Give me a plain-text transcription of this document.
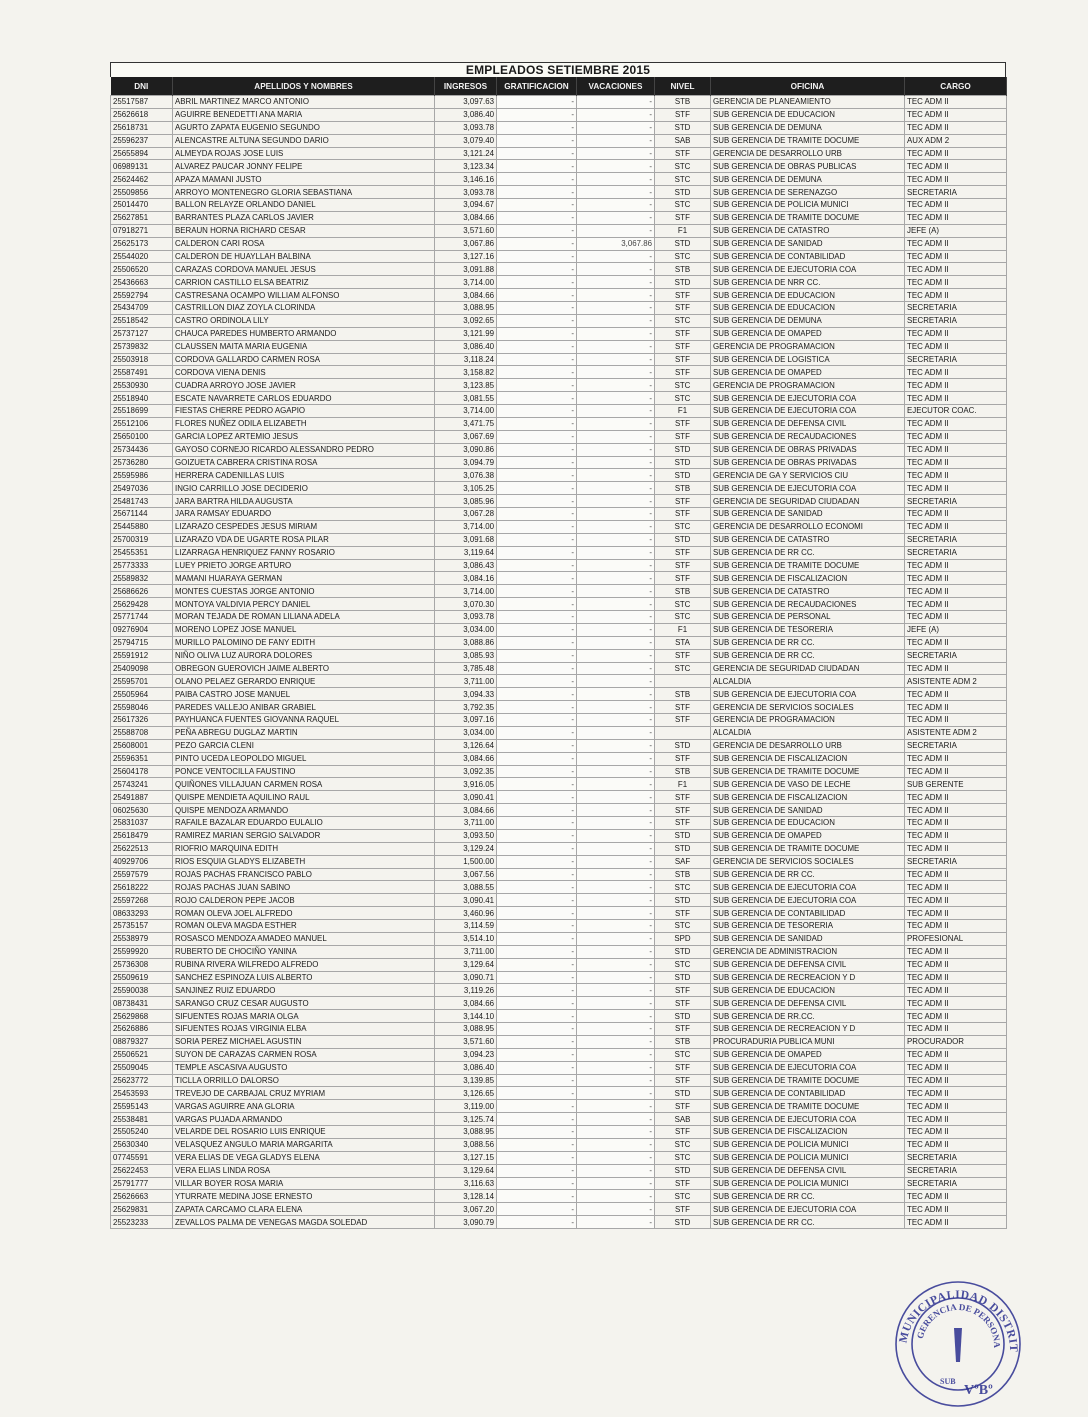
EMPLEADOS SETIEMBRE 2015
DNI	APELLIDOS Y NOMBRES	INGRESOS	GRATIFICACION	VACACIONES	NIVEL	OFICINA	CARGO
25517587	ABRIL MARTINEZ MARCO ANTONIO	3,097.63	-	-	STB	GERENCIA DE PLANEAMIENTO	TEC ADM II
25626618	AGUIRRE BENEDETTI ANA MARIA	3,086.40	-	-	STF	SUB GERENCIA DE EDUCACION	TEC ADM II
25618731	AGURTO ZAPATA EUGENIO SEGUNDO	3,093.78	-	-	STD	SUB GERENCIA DE DEMUNA	TEC ADM II
25596237	ALENCASTRE ALTUNA SEGUNDO DARIO	3,079.40	-	-	SAB	SUB GERENCIA DE TRAMITE DOCUME	AUX ADM 2
25655894	ALMEYDA ROJAS JOSE LUIS	3,121.24	-	-	STF	GERENCIA DE DESARROLLO URB	TEC ADM II
06989131	ALVAREZ PAUCAR JONNY FELIPE	3,123.34	-	-	STC	SUB GERENCIA DE OBRAS PUBLICAS	TEC ADM II
25624462	APAZA MAMANI JUSTO	3,146.16	-	-	STC	SUB GERENCIA DE DEMUNA	TEC ADM II
25509856	ARROYO MONTENEGRO GLORIA SEBASTIANA	3,093.78	-	-	STD	SUB GERENCIA DE SERENAZGO	SECRETARIA
25014470	BALLON RELAYZE ORLANDO DANIEL	3,094.67	-	-	STC	SUB GERENCIA DE POLICIA MUNICI	TEC ADM II
25627851	BARRANTES PLAZA CARLOS JAVIER	3,084.66	-	-	STF	SUB GERENCIA DE TRAMITE DOCUME	TEC ADM II
07918271	BERAUN HORNA RICHARD CESAR	3,571.60	-	-	F1	SUB GERENCIA DE CATASTRO	JEFE (A)
25625173	CALDERON CARI ROSA	3,067.86	-	3,067.86	STD	SUB GERENCIA DE SANIDAD	TEC ADM II
25544020	CALDERON DE HUAYLLAH BALBINA	3,127.16	-	-	STC	SUB GERENCIA DE CONTABILIDAD	TEC ADM II
25506520	CARAZAS CORDOVA MANUEL JESUS	3,091.88	-	-	STB	SUB GERENCIA DE EJECUTORIA COA	TEC ADM II
25436663	CARRION CASTILLO ELSA BEATRIZ	3,714.00	-	-	STD	SUB GERENCIA DE NRR CC.	TEC ADM II
25592794	CASTRESANA OCAMPO WILLIAM ALFONSO	3,084.66	-	-	STF	SUB GERENCIA DE EDUCACION	TEC ADM II
25434709	CASTRILLON DIAZ ZOYLA CLORINDA	3,088.95	-	-	STF	SUB GERENCIA DE EDUCACION	SECRETARIA
25518542	CASTRO ORDINOLA LILY	3,092.65	-	-	STC	SUB GERENCIA DE DEMUNA	SECRETARIA
25737127	CHAUCA PAREDES HUMBERTO ARMANDO	3,121.99	-	-	STF	SUB GERENCIA DE OMAPED	TEC ADM II
25739832	CLAUSSEN MAITA MARIA EUGENIA	3,086.40	-	-	STF	GERENCIA DE PROGRAMACION	TEC ADM II
25503918	CORDOVA GALLARDO CARMEN ROSA	3,118.24	-	-	STF	SUB GERENCIA DE LOGISTICA	SECRETARIA
25587491	CORDOVA VIENA DENIS	3,158.82	-	-	STF	SUB GERENCIA DE OMAPED	TEC ADM II
25530930	CUADRA ARROYO JOSE JAVIER	3,123.85	-	-	STC	GERENCIA DE PROGRAMACION	TEC ADM II
25518940	ESCATE NAVARRETE CARLOS EDUARDO	3,081.55	-	-	STC	SUB GERENCIA DE EJECUTORIA COA	TEC ADM II
25518699	FIESTAS CHERRE PEDRO AGAPIO	3,714.00	-	-	F1	SUB GERENCIA DE EJECUTORIA COA	EJECUTOR COAC.
25512106	FLORES NUÑEZ ODILA ELIZABETH	3,471.75	-	-	STF	SUB GERENCIA DE DEFENSA CIVIL	TEC ADM II
25650100	GARCIA LOPEZ ARTEMIO JESUS	3,067.69	-	-	STF	SUB GERENCIA DE RECAUDACIONES	TEC ADM II
25734436	GAYOSO CORNEJO RICARDO ALESSANDRO PEDRO	3,090.86	-	-	STD	SUB GERENCIA DE OBRAS PRIVADAS	TEC ADM II
25736280	GOIZUETA CABRERA CRISTINA ROSA	3,094.79	-	-	STD	SUB GERENCIA DE OBRAS PRIVADAS	TEC ADM II
25595986	HERRERA CADENILLAS LUIS	3,076.38	-	-	STD	GERENCIA DE GA Y SERVICIOS CIU	TEC ADM II
25497036	INGIO CARRILLO JOSE DECIDERIO	3,105.25	-	-	STB	SUB GERENCIA DE EJECUTORIA COA	TEC ADM II
25481743	JARA BARTRA HILDA AUGUSTA	3,085.96	-	-	STF	GERENCIA DE SEGURIDAD CIUDADAN	SECRETARIA
25671144	JARA RAMSAY EDUARDO	3,067.28	-	-	STF	SUB GERENCIA DE SANIDAD	TEC ADM II
25445880	LIZARAZO CESPEDES JESUS MIRIAM	3,714.00	-	-	STC	GERENCIA DE DESARROLLO ECONOMI	TEC ADM II
25700319	LIZARAZO VDA DE UGARTE ROSA PILAR	3,091.68	-	-	STD	SUB GERENCIA DE CATASTRO	SECRETARIA
25455351	LIZARRAGA HENRIQUEZ FANNY ROSARIO	3,119.64	-	-	STF	SUB GERENCIA DE RR CC.	SECRETARIA
25773333	LUEY PRIETO JORGE ARTURO	3,086.43	-	-	STF	SUB GERENCIA DE TRAMITE DOCUME	TEC ADM II
25589832	MAMANI HUARAYA GERMAN	3,084.16	-	-	STF	SUB GERENCIA DE FISCALIZACION	TEC ADM II
25686626	MONTES CUESTAS JORGE ANTONIO	3,714.00	-	-	STB	SUB GERENCIA DE CATASTRO	TEC ADM II
25629428	MONTOYA VALDIVIA PERCY DANIEL	3,070.30	-	-	STC	SUB GERENCIA DE RECAUDACIONES	TEC ADM II
25771744	MORAN TEJADA DE ROMAN LILIANA ADELA	3,093.78	-	-	STC	SUB GERENCIA DE PERSONAL	TEC ADM II
09276904	MORENO LOPEZ JOSE MANUEL	3,034.00	-	-	F1	SUB GERENCIA DE TESORERIA	JEFE (A)
25794715	MURILLO PALOMINO DE FANY EDITH	3,088.86	-	-	STA	SUB GERENCIA DE RR CC.	TEC ADM II
25591912	NIÑO OLIVA LUZ AURORA DOLORES	3,085.93	-	-	STF	SUB GERENCIA DE RR CC.	SECRETARIA
25409098	OBREGON GUEROVICH JAIME ALBERTO	3,785.48	-	-	STC	GERENCIA DE SEGURIDAD CIUDADAN	TEC ADM II
25595701	OLANO PELAEZ GERARDO ENRIQUE	3,711.00	-	-		ALCALDIA	ASISTENTE ADM 2
25505964	PAIBA CASTRO JOSE MANUEL	3,094.33	-	-	STB	SUB GERENCIA DE EJECUTORIA COA	TEC ADM II
25598046	PAREDES VALLEJO ANIBAR GRABIEL	3,792.35	-	-	STF	GERENCIA DE SERVICIOS SOCIALES	TEC ADM II
25617326	PAYHUANCA FUENTES GIOVANNA RAQUEL	3,097.16	-	-	STF	GERENCIA DE PROGRAMACION	TEC ADM II
25588708	PEÑA ABREGU DUGLAZ MARTIN	3,034.00	-	-		ALCALDIA	ASISTENTE ADM 2
25608001	PEZO GARCIA CLENI	3,126.64	-	-	STD	GERENCIA DE DESARROLLO URB	SECRETARIA
25596351	PINTO UCEDA LEOPOLDO MIGUEL	3,084.66	-	-	STF	SUB GERENCIA DE FISCALIZACION	TEC ADM II
25604178	PONCE VENTOCILLA FAUSTINO	3,092.35	-	-	STB	SUB GERENCIA DE TRAMITE DOCUME	TEC ADM II
25743241	QUIÑONES VILLAJUAN CARMEN ROSA	3,916.05	-	-	F1	SUB GERENCIA DE VASO DE LECHE	SUB GERENTE
25491887	QUISPE MENDIETA AQUILINO RAUL	3,090.41	-	-	STF	SUB GERENCIA DE FISCALIZACION	TEC ADM II
06025630	QUISPE MENDOZA ARMANDO	3,084.66	-	-	STF	SUB GERENCIA DE SANIDAD	TEC ADM II
25831037	RAFAILE BAZALAR EDUARDO EULALIO	3,711.00	-	-	STF	SUB GERENCIA DE EDUCACION	TEC ADM II
25618479	RAMIREZ MARIAN SERGIO SALVADOR	3,093.50	-	-	STD	SUB GERENCIA DE OMAPED	TEC ADM II
25622513	RIOFRIO MARQUINA EDITH	3,129.24	-	-	STD	SUB GERENCIA DE TRAMITE DOCUME	TEC ADM II
40929706	RIOS ESQUIA GLADYS ELIZABETH	1,500.00	-	-	SAF	GERENCIA DE SERVICIOS SOCIALES	SECRETARIA
25597579	ROJAS PACHAS FRANCISCO PABLO	3,067.56	-	-	STB	SUB GERENCIA DE RR CC.	TEC ADM II
25618222	ROJAS PACHAS JUAN SABINO	3,088.55	-	-	STC	SUB GERENCIA DE EJECUTORIA COA	TEC ADM II
25597268	ROJO CALDERON PEPE JACOB	3,090.41	-	-	STD	SUB GERENCIA DE EJECUTORIA COA	TEC ADM II
08633293	ROMAN OLEVA JOEL ALFREDO	3,460.96	-	-	STF	SUB GERENCIA DE CONTABILIDAD	TEC ADM II
25735157	ROMAN OLEVA MAGDA ESTHER	3,114.59	-	-	STC	SUB GERENCIA DE TESORERIA	TEC ADM II
25538979	ROSASCO MENDOZA AMADEO MANUEL	3,514.10	-	-	SPD	SUB GERENCIA DE SANIDAD	PROFESIONAL
25599920	RUBERTO DE CHOCIÑO YANINA	3,711.00	-	-	STD	GERENCIA DE ADMINISTRACION	TEC ADM II
25736308	RUBINA RIVERA WILFREDO ALFREDO	3,129.64	-	-	STC	SUB GERENCIA DE DEFENSA CIVIL	TEC ADM II
25509619	SANCHEZ ESPINOZA LUIS ALBERTO	3,090.71	-	-	STD	SUB GERENCIA DE RECREACION Y D	TEC ADM II
25590038	SANJINEZ RUIZ EDUARDO	3,119.26	-	-	STF	SUB GERENCIA DE EDUCACION	TEC ADM II
08738431	SARANGO CRUZ CESAR AUGUSTO	3,084.66	-	-	STF	SUB GERENCIA DE DEFENSA CIVIL	TEC ADM II
25629868	SIFUENTES ROJAS MARIA OLGA	3,144.10	-	-	STD	SUB GERENCIA DE RR.CC.	TEC ADM II
25626886	SIFUENTES ROJAS VIRGINIA ELBA	3,088.95	-	-	STF	SUB GERENCIA DE RECREACION Y D	TEC ADM II
08879327	SORIA PEREZ MICHAEL AGUSTIN	3,571.60	-	-	STB	PROCURADURIA PUBLICA MUNI	PROCURADOR
25506521	SUYON DE CARAZAS CARMEN ROSA	3,094.23	-	-	STC	SUB GERENCIA DE OMAPED	TEC ADM II
25509045	TEMPLE ASCASIVA AUGUSTO	3,086.40	-	-	STF	SUB GERENCIA DE EJECUTORIA COA	TEC ADM II
25623772	TICLLA ORRILLO DALORSO	3,139.85	-	-	STF	SUB GERENCIA DE TRAMITE DOCUME	TEC ADM II
25453593	TREVEJO DE CARBAJAL CRUZ MYRIAM	3,126.65	-	-	STD	SUB GERENCIA DE CONTABILIDAD	TEC ADM II
25595143	VARGAS AGUIRRE ANA GLORIA	3,119.00	-	-	STF	SUB GERENCIA DE TRAMITE DOCUME	TEC ADM II
25538481	VARGAS PUJADA ARMANDO	3,125.74	-	-	SAB	SUB GERENCIA DE EJECUTORIA COA	TEC ADM II
25505240	VELARDE DEL ROSARIO LUIS ENRIQUE	3,088.95	-	-	STF	SUB GERENCIA DE FISCALIZACION	TEC ADM II
25630340	VELASQUEZ ANGULO MARIA MARGARITA	3,088.56	-	-	STC	SUB GERENCIA DE POLICIA MUNICI	TEC ADM II
07745591	VERA ELIAS DE VEGA GLADYS ELENA	3,127.15	-	-	STC	SUB GERENCIA DE POLICIA MUNICI	SECRETARIA
25622453	VERA ELIAS LINDA ROSA	3,129.64	-	-	STD	SUB GERENCIA DE DEFENSA CIVIL	SECRETARIA
25791777	VILLAR BOYER ROSA MARIA	3,116.63	-	-	STF	SUB GERENCIA DE POLICIA MUNICI	SECRETARIA
25626663	YTURRATE MEDINA JOSE ERNESTO	3,128.14	-	-	STC	SUB GERENCIA DE RR CC.	TEC ADM II
25629831	ZAPATA CARCAMO CLARA ELENA	3,067.20	-	-	STF	SUB GERENCIA DE EJECUTORIA COA	TEC ADM II
25523233	ZEVALLOS PALMA DE VENEGAS MAGDA SOLEDAD	3,090.79	-	-	STD	SUB GERENCIA DE RR CC.	TEC ADM II
MUNICIPALIDAD DISTRIT
GERENCIA DE PERSONA
SUB
VºBº
